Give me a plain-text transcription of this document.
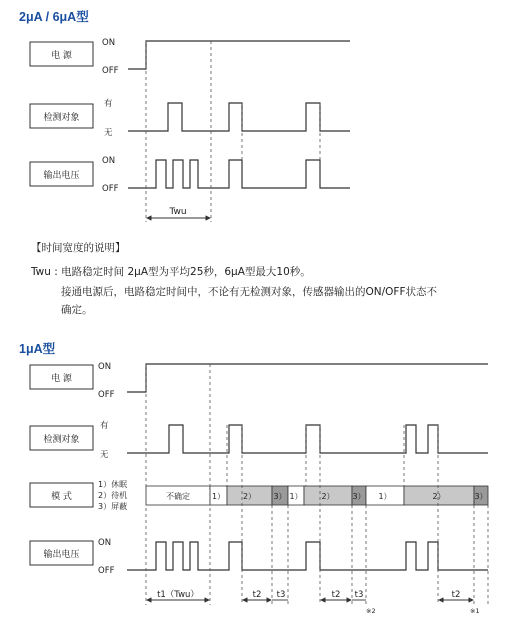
2μA / 6μA型
1μA型
【时间宽度的说明】
Twu : 电路稳定时间 2μA型为平均25秒，6μA型最大10秒。
接通电源后，电路稳定时间中，不论有无检测对象，传感器输出的ON/OFF状态不
确定。
电 源
检测对象
输出电压
ON
OFF
有
无
ON
OFF
Twu
电 源
检测对象
模 式
输出电压
ON
OFF
有
无
1）休眠
2）待机
3）屏蔽
ON
OFF
不确定	1） 2） 3） 1） 2） 3） 1）	2）	3）
t1（Twu）	t2 t3	t2 t3	t2
※2	※1
